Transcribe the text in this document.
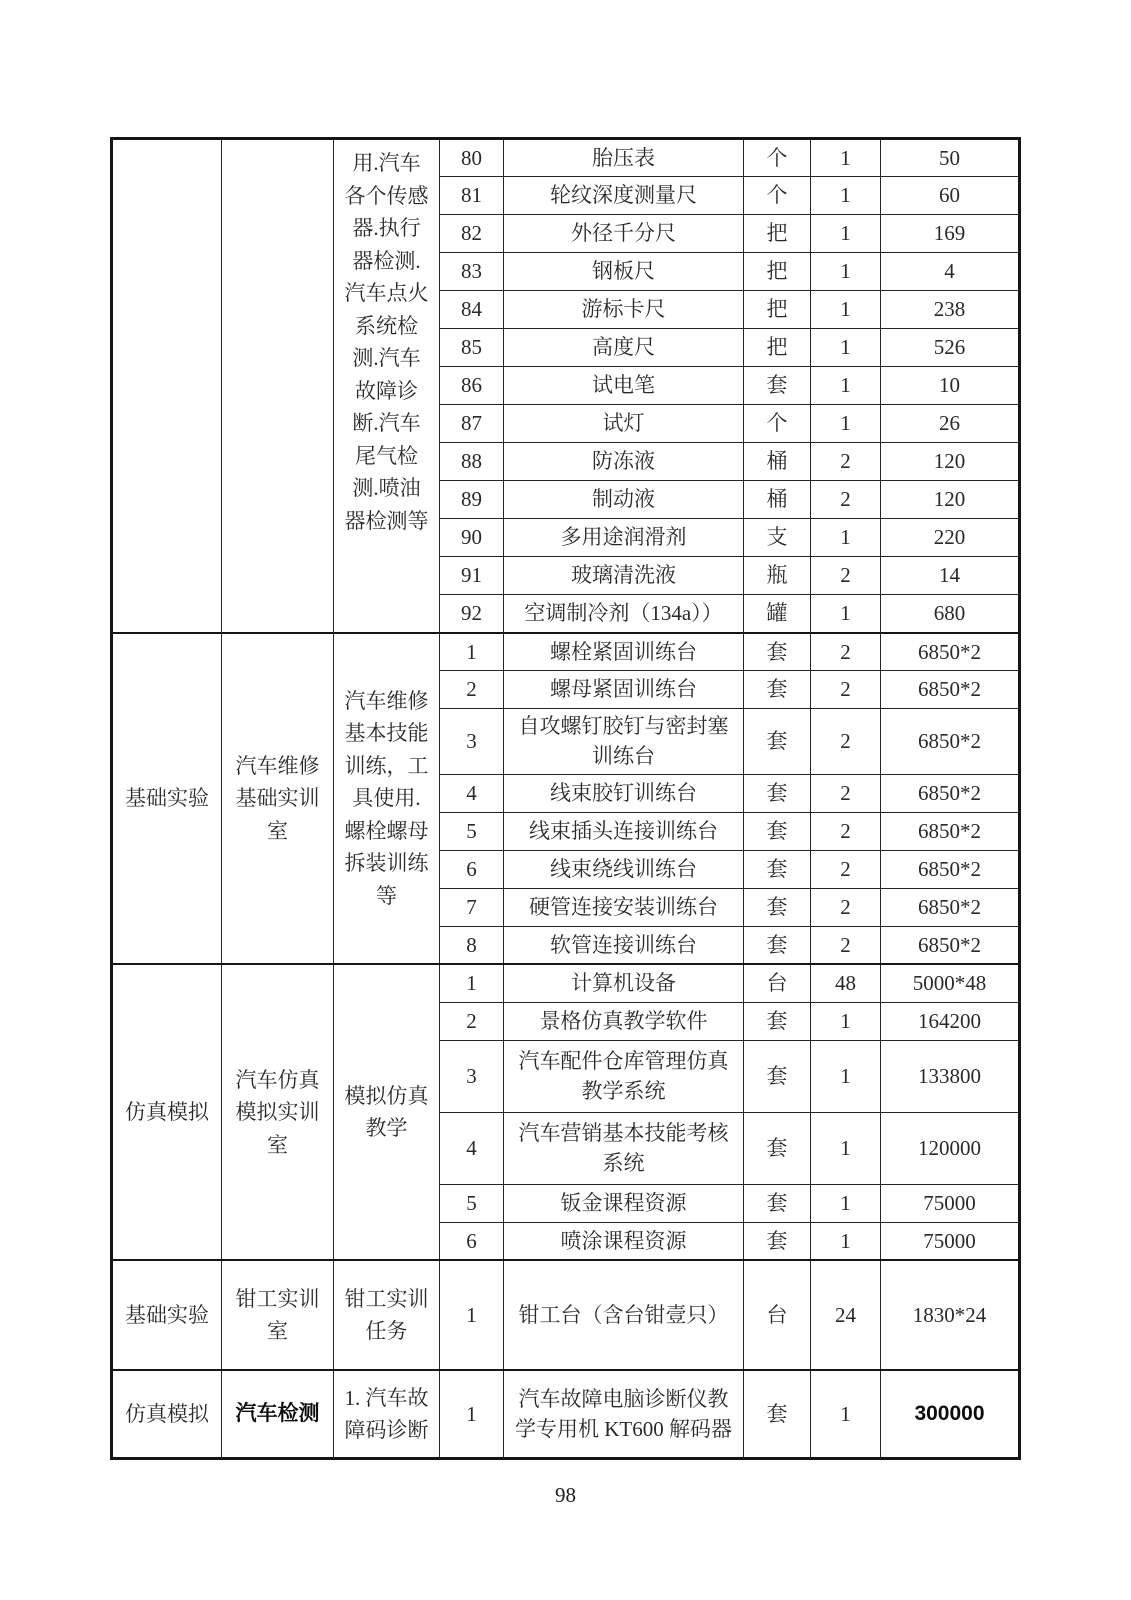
		用.汽车各个传感器.执行器检测.汽车点火系统检测.汽车故障诊断.汽车尾气检测.喷油器检测等	80	胎压表	个	1	50
			81	轮纹深度测量尺	个	1	60
			82	外径千分尺	把	1	169
			83	钢板尺	把	1	4
			84	游标卡尺	把	1	238
			85	高度尺	把	1	526
			86	试电笔	套	1	10
			87	试灯	个	1	26
			88	防冻液	桶	2	120
			89	制动液	桶	2	120
			90	多用途润滑剂	支	1	220
			91	玻璃清洗液	瓶	2	14
			92	空调制冷剂（134a））	罐	1	680
基础实验	汽车维修基础实训室	汽车维修基本技能训练，工具使用.螺栓螺母拆装训练等	1	螺栓紧固训练台	套	2	6850*2
			2	螺母紧固训练台	套	2	6850*2
			3	自攻螺钉胶钉与密封塞训练台	套	2	6850*2
			4	线束胶钉训练台	套	2	6850*2
			5	线束插头连接训练台	套	2	6850*2
			6	线束绕线训练台	套	2	6850*2
			7	硬管连接安装训练台	套	2	6850*2
			8	软管连接训练台	套	2	6850*2
仿真模拟	汽车仿真模拟实训室	模拟仿真教学	1	计算机设备	台	48	5000*48
			2	景格仿真教学软件	套	1	164200
			3	汽车配件仓库管理仿真教学系统	套	1	133800
			4	汽车营销基本技能考核系统	套	1	120000
			5	钣金课程资源	套	1	75000
			6	喷涂课程资源	套	1	75000
基础实验	钳工实训室	钳工实训任务	1	钳工台（含台钳壹只）	台	24	1830*24
仿真模拟	汽车检测	1. 汽车故障码诊断	1	汽车故障电脑诊断仪教学专用机 KT600 解码器	套	1	300000
98
